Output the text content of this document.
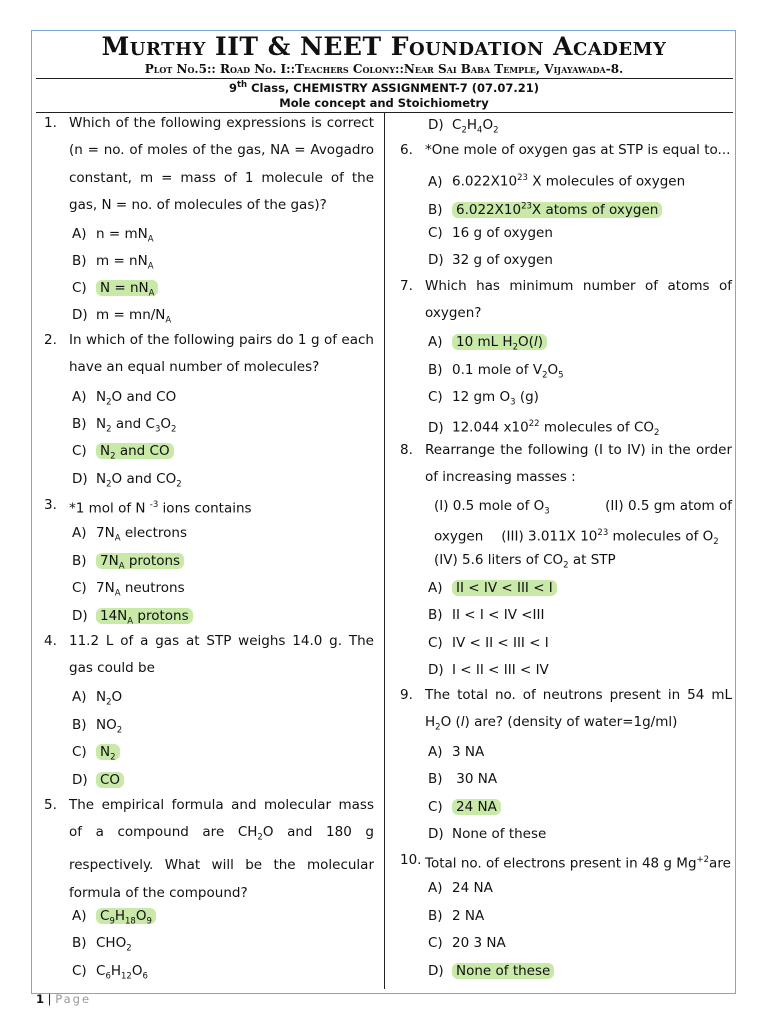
Murthy IIT & NEET Foundation Academy
Plot No.5:: Road No. I::Teachers Colony::Near Sai Baba Temple, Vijayawada-8.
9th Class, CHEMISTRY ASSIGNMENT-7 (07.07.21)
Mole concept and Stoichiometry
1. Which of the following expressions is correct (n = no. of moles of the gas, NA = Avogadro constant, m = mass of 1 molecule of the gas, N = no. of molecules of the gas)?
A) $n = mN_A$
B) $m = nN_A$
C) $N = nN_A$
D) $m = mn/N_A$
2. In which of the following pairs do 1 g of each have an equal number of molecules?
A) $N_2O$ and CO
B) $N_2$ and $C_3O_2$
C) $N_2$ and CO
D) $N_2O$ and $CO_2$
3. *1 mol of N $^{-3}$ ions contains
A) $7N_A$ electrons
B) $7N_A$ protons
C) $7N_A$ neutrons
D) $14N_A$ protons
4. 11.2 L of a gas at STP weighs 14.0 g. The gas could be
A) $N_2O$
B) $NO_2$
C) $N_2$
D) CO
5. The empirical formula and molecular mass of a compound are $CH_2O$ and 180 g respectively. What will be the molecular formula of the compound?
A) $C_9H_{18}O_9$
B) $CHO_2$
C) $C_6H_{12}O_6$
D) $C_2H_4O_2$
6. *One mole of oxygen gas at STP is equal to...
A) $6.022X10^{23}$ X molecules of oxygen
B) $6.022X10^{23}X$ atoms of oxygen
C) 16 g of oxygen
D) 32 g of oxygen
7. Which has minimum number of atoms of oxygen?
A) 10 mL $H_2O(l)$
B) 0.1 mole of $V_2O_5$
C) 12 gm $O_3$ (g)
D) 12.044 $x10^{22}$ molecules of $CO_2$
8. Rearrange the following (I to IV) in the order of increasing masses :
(I) 0.5 mole of $O_3$	(II) 0.5 gm atom of
oxygen (III) 3.011X $10^{23}$ molecules of $O_2$
(IV) 5.6 liters of $CO_2$ at STP
A) II < IV < III < I
B) II < I < IV <III
C) IV < II < III < I
D) I < II < III < IV
9. The total no. of neutrons present in 54 mL $H_2O$ (l) are? (density of water=1g/ml)
A) 3 NA
B) 30 NA
C) 24 NA
D) None of these
10. Total no. of electrons present in 48 g $Mg^{+2}are$
A) 24 NA
B) 2 NA
C) 20 3 NA
D) None of these
1 | Page
